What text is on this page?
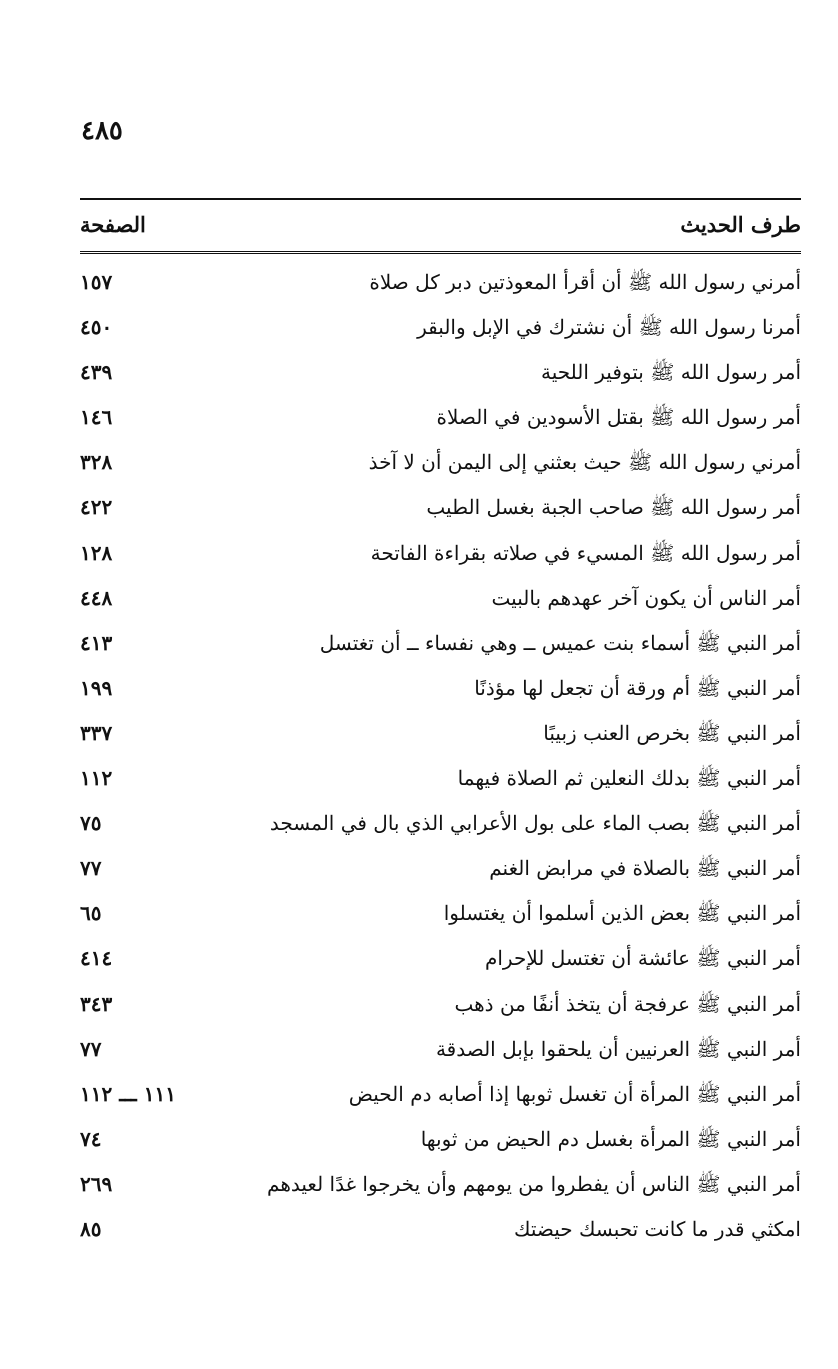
٤٨٥
طرف الحديث
الصفحة
أمرني رسول الله ﷺ أن أقرأ المعوذتين دبر كل صلاة
١٥٧
أمرنا رسول الله ﷺ أن نشترك في الإبل والبقر
٤٥٠
أمر رسول الله ﷺ بتوفير اللحية
٤٣٩
أمر رسول الله ﷺ بقتل الأسودين في الصلاة
١٤٦
أمرني رسول الله ﷺ حيث بعثني إلى اليمن أن لا آخذ
٣٢٨
أمر رسول الله ﷺ صاحب الجبة بغسل الطيب
٤٢٢
أمر رسول الله ﷺ المسيء في صلاته بقراءة الفاتحة
١٢٨
أمر الناس أن يكون آخر عهدهم بالبيت
٤٤٨
أمر النبي ﷺ أسماء بنت عميس ــ وهي نفساء ــ أن تغتسل
٤١٣
أمر النبي ﷺ أم ورقة أن تجعل لها مؤذنًا
١٩٩
أمر النبي ﷺ بخرص العنب زبيبًا
٣٣٧
أمر النبي ﷺ بدلك النعلين ثم الصلاة فيهما
١١٢
أمر النبي ﷺ بصب الماء على بول الأعرابي الذي بال في المسجد
٧٥
أمر النبي ﷺ بالصلاة في مرابض الغنم
٧٧
أمر النبي ﷺ بعض الذين أسلموا أن يغتسلوا
٦٥
أمر النبي ﷺ عائشة أن تغتسل للإحرام
٤١٤
أمر النبي ﷺ عرفجة أن يتخذ أنفًا من ذهب
٣٤٣
أمر النبي ﷺ العرنيين أن يلحقوا بإبل الصدقة
٧٧
أمر النبي ﷺ المرأة أن تغسل ثوبها إذا أصابه دم الحيض
١١١ ـــ ١١٢
أمر النبي ﷺ المرأة بغسل دم الحيض من ثوبها
٧٤
أمر النبي ﷺ الناس أن يفطروا من يومهم وأن يخرجوا غدًا لعيدهم
٢٦٩
امكثي قدر ما كانت تحبسك حيضتك
٨٥
